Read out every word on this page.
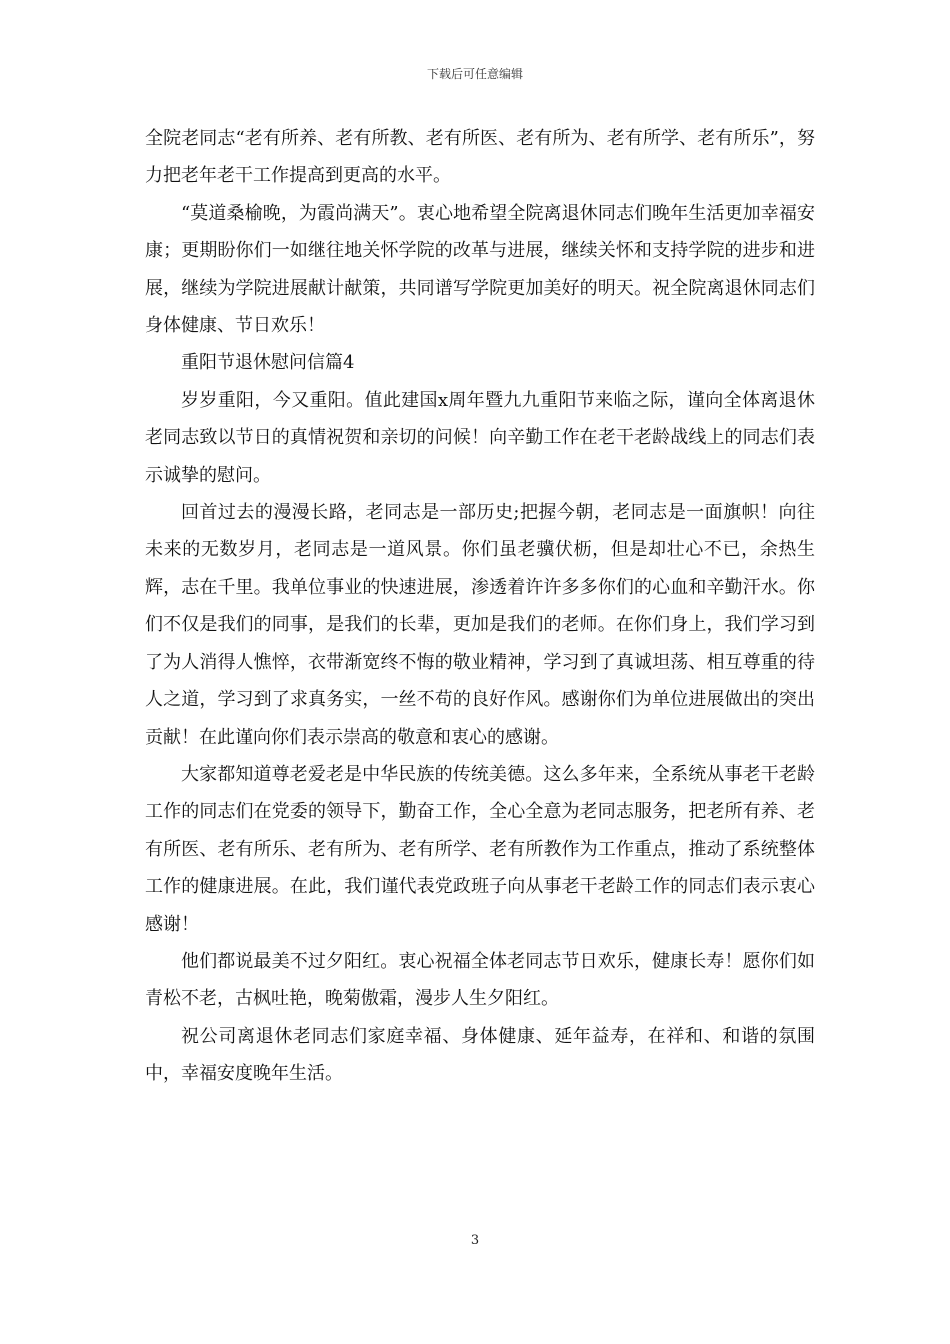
下载后可任意编辑

全院老同志“老有所养、老有所教、老有所医、老有所为、老有所学、老有所乐”，努力把老年老干工作提高到更高的水平。

“莫道桑榆晚，为霞尚满天”。衷心地希望全院离退休同志们晚年生活更加幸福安康；更期盼你们一如继往地关怀学院的改革与进展，继续关怀和支持学院的进步和进展，继续为学院进展献计献策，共同谱写学院更加美好的明天。祝全院离退休同志们身体健康、节日欢乐！

重阳节退休慰问信篇4

岁岁重阳，今又重阳。值此建国x周年暨九九重阳节来临之际，谨向全体离退休老同志致以节日的真情祝贺和亲切的问候！向辛勤工作在老干老龄战线上的同志们表示诚挚的慰问。

回首过去的漫漫长路，老同志是一部历史;把握今朝，老同志是一面旗帜！向往未来的无数岁月，老同志是一道风景。你们虽老骥伏枥，但是却壮心不已，余热生辉，志在千里。我单位事业的快速进展，渗透着许许多多你们的心血和辛勤汗水。你们不仅是我们的同事，是我们的长辈，更加是我们的老师。在你们身上，我们学习到了为人消得人憔悴，衣带渐宽终不悔的敬业精神，学习到了真诚坦荡、相互尊重的待人之道，学习到了求真务实，一丝不苟的良好作风。感谢你们为单位进展做出的突出贡献！在此谨向你们表示崇高的敬意和衷心的感谢。

大家都知道尊老爱老是中华民族的传统美德。这么多年来，全系统从事老干老龄工作的同志们在党委的领导下，勤奋工作，全心全意为老同志服务，把老所有养、老有所医、老有所乐、老有所为、老有所学、老有所教作为工作重点，推动了系统整体工作的健康进展。在此，我们谨代表党政班子向从事老干老龄工作的同志们表示衷心感谢！

他们都说最美不过夕阳红。衷心祝福全体老同志节日欢乐，健康长寿！愿你们如青松不老，古枫吐艳，晚菊傲霜，漫步人生夕阳红。

祝公司离退休老同志们家庭幸福、身体健康、延年益寿，在祥和、和谐的氛围中，幸福安度晚年生活。

3
